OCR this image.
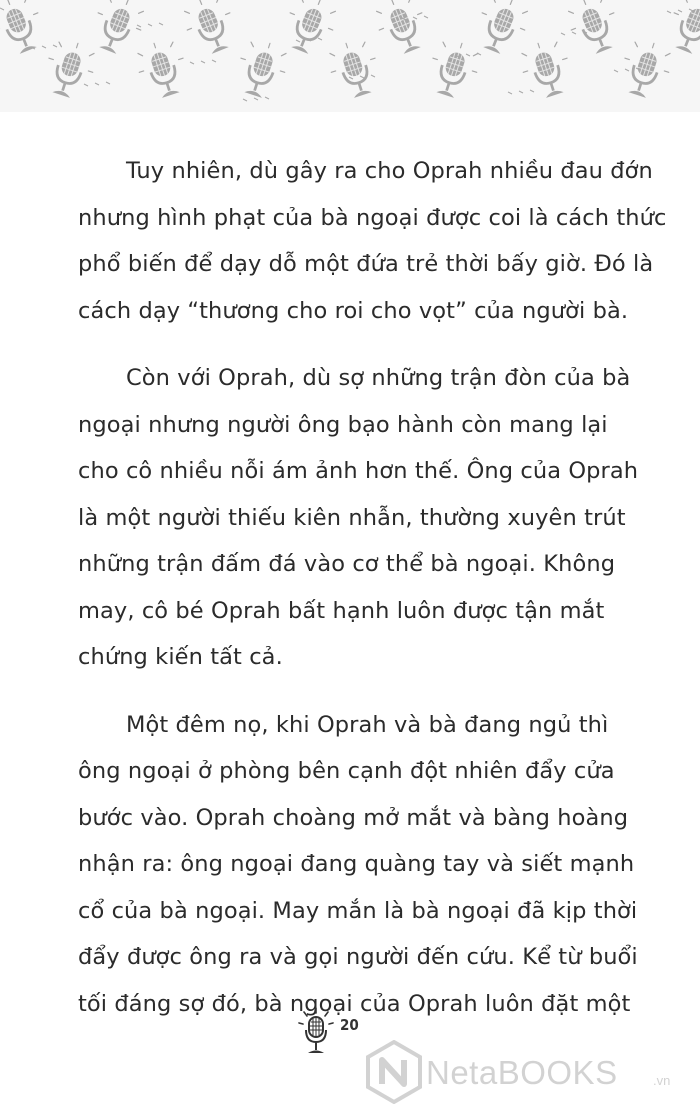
Tuy nhiên, dù gây ra cho Oprah nhiều đau đớn
nhưng hình phạt của bà ngoại được coi là cách thức
phổ biến để dạy dỗ một đứa trẻ thời bấy giờ. Đó là
cách dạy “thương cho roi cho vọt” của người bà.

Còn với Oprah, dù sợ những trận đòn của bà
ngoại nhưng người ông bạo hành còn mang lại
cho cô nhiều nỗi ám ảnh hơn thế. Ông của Oprah
là một người thiếu kiên nhẫn, thường xuyên trút
những trận đấm đá vào cơ thể bà ngoại. Không
may, cô bé Oprah bất hạnh luôn được tận mắt
chứng kiến tất cả.

Một đêm nọ, khi Oprah và bà đang ngủ thì
ông ngoại ở phòng bên cạnh đột nhiên đẩy cửa
bước vào. Oprah choàng mở mắt và bàng hoàng
nhận ra: ông ngoại đang quàng tay và siết mạnh
cổ của bà ngoại. May mắn là bà ngoại đã kịp thời
đẩy được ông ra và gọi người đến cứu. Kể từ buổi
tối đáng sợ đó, bà ngoại của Oprah luôn đặt một

20
NetaBOOKS	.vn
